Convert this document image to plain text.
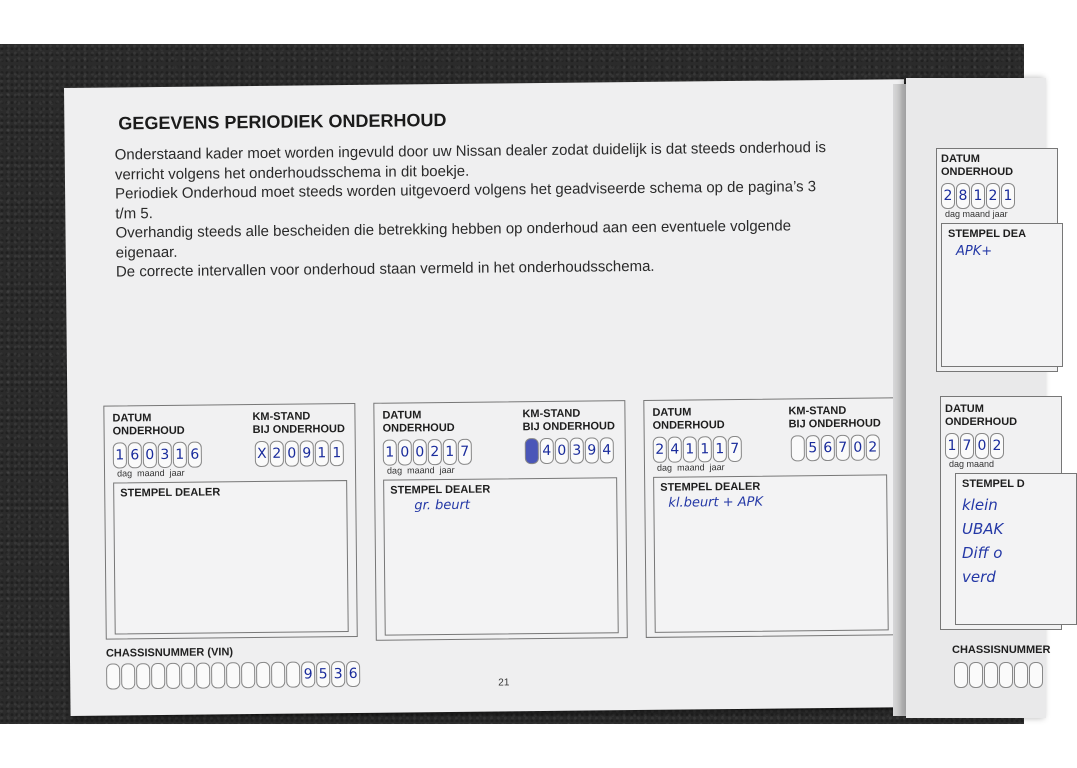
GEGEVENS PERIODIEK ONDERHOUD

Onderstaand kader moet worden ingevuld door uw Nissan dealer zodat duidelijk is dat steeds onderhoud is verricht volgens het onderhoudsschema in dit boekje.

Periodiek Onderhoud moet steeds worden uitgevoerd volgens het geadviseerde schema op de pagina’s 3 t/m 5.

Overhandig steeds alle bescheiden die betrekking hebben op onderhoud aan een eventuele volgende eigenaar.

De correcte intervallen voor onderhoud staan vermeld in het onderhoudsschema.

DATUM
ONDERHOUD
KM-STAND
BIJ ONDERHOUD
1 6 0 3 1 6
dag maand jaar
X 2 0 9 1 1
STEMPEL DEALER
DATUM
ONDERHOUD
KM-STAND
BIJ ONDERHOUD
1 0 0 2 1 7
dag maand jaar
4 0 3 9 4
STEMPEL DEALER
gr. beurt
DATUM
ONDERHOUD
KM-STAND
BIJ ONDERHOUD
2 4 1 1 1 7
dag maand jaar
5 6 7 0 2
STEMPEL DEALER
kl.beurt + APK
CHASSISNUMMER (VIN)
9 5 3 6
21
DATUM
ONDERHOUD
2 8 1 2 1
dag maand jaar
STEMPEL DEA
APK+
DATUM
ONDERHOUD
1 7 0 2
dag maand
STEMPEL D
klein
UBAK
Diff o
verd
CHASSISNUMMER
